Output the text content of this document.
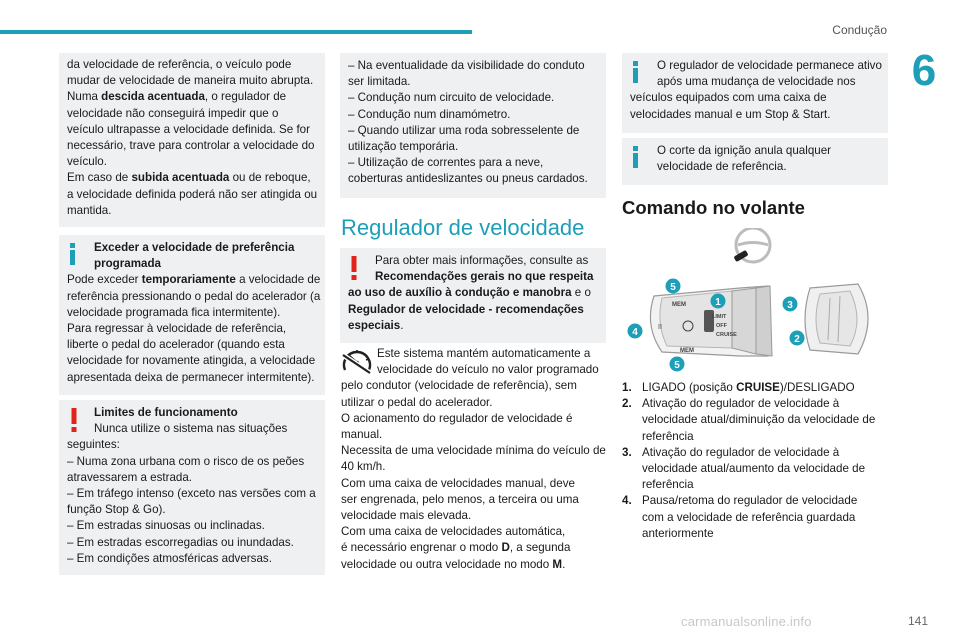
Condução
6
da velocidade de referência, o veículo pode
mudar de velocidade de maneira muito abrupta.
Numa descida acentuada, o regulador de
velocidade não conseguirá impedir que o
veículo ultrapasse a velocidade definida. Se for
necessário, trave para controlar a velocidade do
veículo.
Em caso de subida acentuada ou de reboque,
a velocidade definida poderá não ser atingida ou
mantida.
Exceder a velocidade de preferência
programada
Pode exceder temporariamente a velocidade de
referência pressionando o pedal do acelerador (a
velocidade programada fica intermitente).
Para regressar à velocidade de referência,
liberte o pedal do acelerador (quando esta
velocidade for novamente atingida, a velocidade
apresentada deixa de permanecer intermitente).
Limites de funcionamento
Nunca utilize o sistema nas situações
seguintes:
– Numa zona urbana com o risco de os peões
atravessarem a estrada.
– Em tráfego intenso (exceto nas versões com a
função Stop & Go).
– Em estradas sinuosas ou inclinadas.
– Em estradas escorregadias ou inundadas.
– Em condições atmosféricas adversas.
– Na eventualidade da visibilidade do conduto
ser limitada.
– Condução num circuito de velocidade.
– Condução num dinamómetro.
– Quando utilizar uma roda sobresselente de
utilização temporária.
– Utilização de correntes para a neve,
coberturas antideslizantes ou pneus cardados.
Regulador de velocidade
Para obter mais informações, consulte as
Recomendações gerais no que respeita
ao uso de auxílio à condução e manobra e o
Regulador de velocidade - recomendações
especiais.
Este sistema mantém automaticamente a
velocidade do veículo no valor programado
pelo condutor (velocidade de referência), sem
utilizar o pedal do acelerador.
O acionamento do regulador de velocidade é
manual.
Necessita de uma velocidade mínima do veículo de
40 km/h.
Com uma caixa de velocidades manual, deve
ser engrenada, pelo menos, a terceira ou uma
velocidade mais elevada.
Com uma caixa de velocidades automática,
é necessário engrenar o modo D, a segunda
velocidade ou outra velocidade no modo M.
O regulador de velocidade permanece ativo
após uma mudança de velocidade nos
veículos equipados com uma caixa de
velocidades manual e um Stop & Start.
O corte da ignição anula qualquer
velocidade de referência.
Comando no volante
MEM
LIMIT
OFF
CRUISE
MEM
II
1
2
3
4
5
5
1. LIGADO (posição CRUISE)/DESLIGADO
2. Ativação do regulador de velocidade à
velocidade atual/diminuição da velocidade de
referência
3. Ativação do regulador de velocidade à
velocidade atual/aumento da velocidade de
referência
4. Pausa/retoma do regulador de velocidade
com a velocidade de referência guardada
anteriormente
carmanualsonline.info	141
